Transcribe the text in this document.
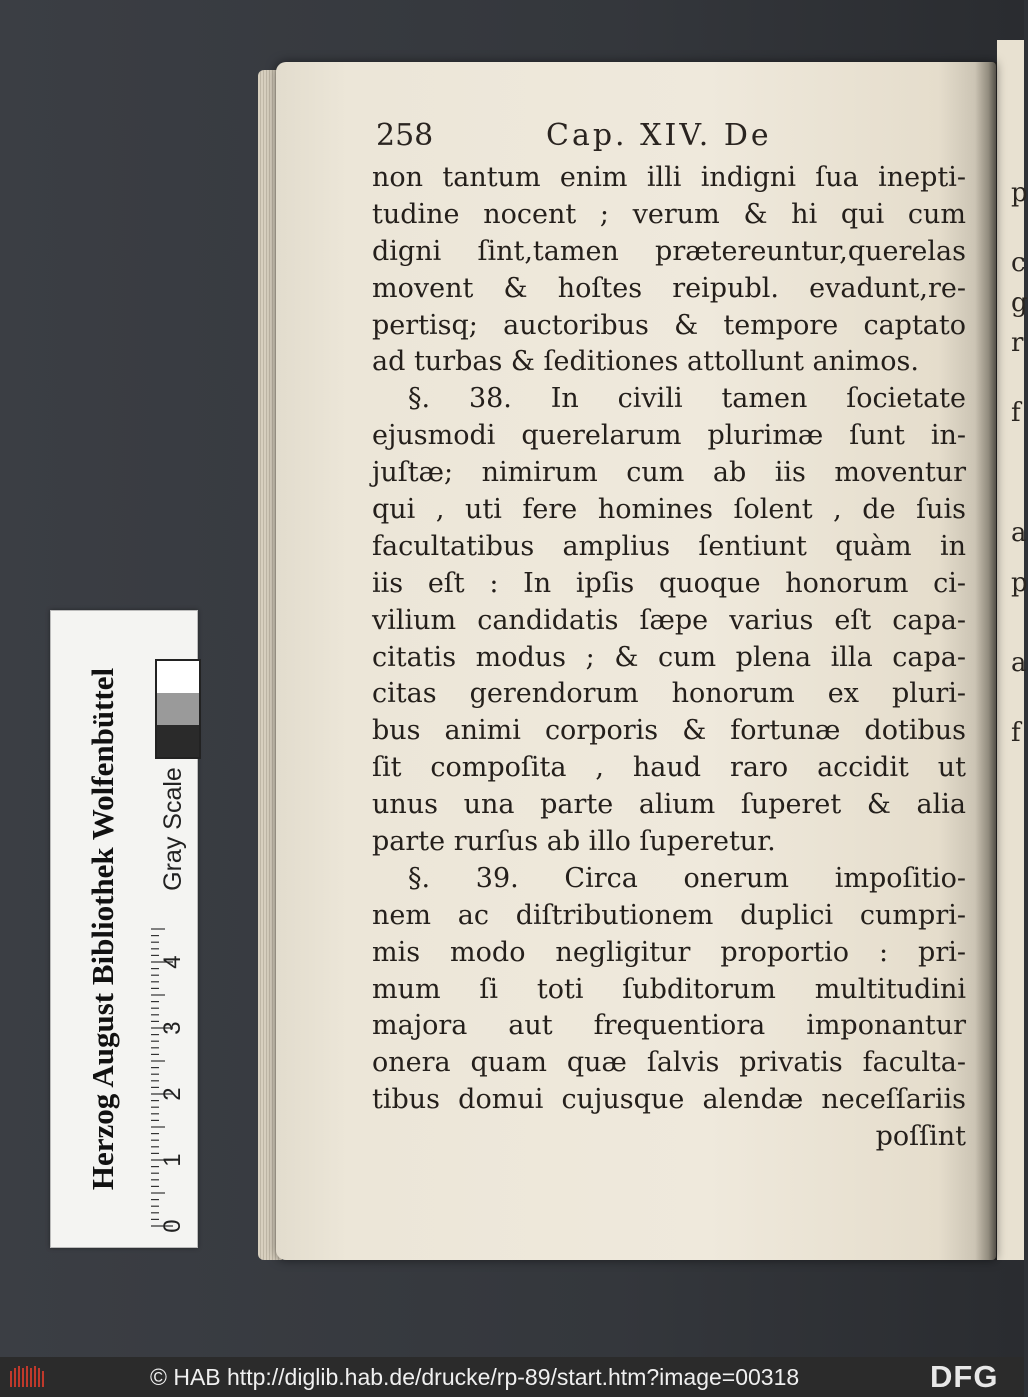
p
c
g
r
f
a
p
a
f
258	Cap. XIV. De
non tantum enim illi indigni ſua inepti-
tudine nocent ; verum & hi qui cum
digni ſint,tamen prætereuntur,querelas
movent & hoſtes reipubl. evadunt,re-
pertisq; auctoribus & tempore captato
ad turbas & ſeditiones attollunt animos.
§. 38. In civili tamen ſocietate
ejusmodi querelarum plurimæ ſunt in-
juſtæ; nimirum cum ab iis moventur
qui , uti fere homines ſolent , de ſuis
facultatibus amplius ſentiunt quàm in
iis eſt : In ipſis quoque honorum ci-
vilium candidatis ſæpe varius eſt capa-
citatis modus ; & cum plena illa capa-
citas gerendorum honorum ex pluri-
bus animi corporis & fortunæ dotibus
ſit compoſita , haud raro accidit ut
unus una parte alium ſuperet & alia
parte rurſus ab illo ſuperetur.
§. 39. Circa onerum impoſitio-
nem ac diſtributionem duplici cumpri-
mis modo negligitur proportio : pri-
mum ſi toti ſubditorum multitudini
majora aut frequentiora imponantur
onera quam quæ ſalvis privatis faculta-
tibus domui cujusque alendæ neceſſariis
poſſint
Herzog August Bibliothek Wolfenbüttel Gray Scale
0
1
2
3
4
© HAB http://diglib.hab.de/drucke/rp-89/start.htm?image=00318	DFG
